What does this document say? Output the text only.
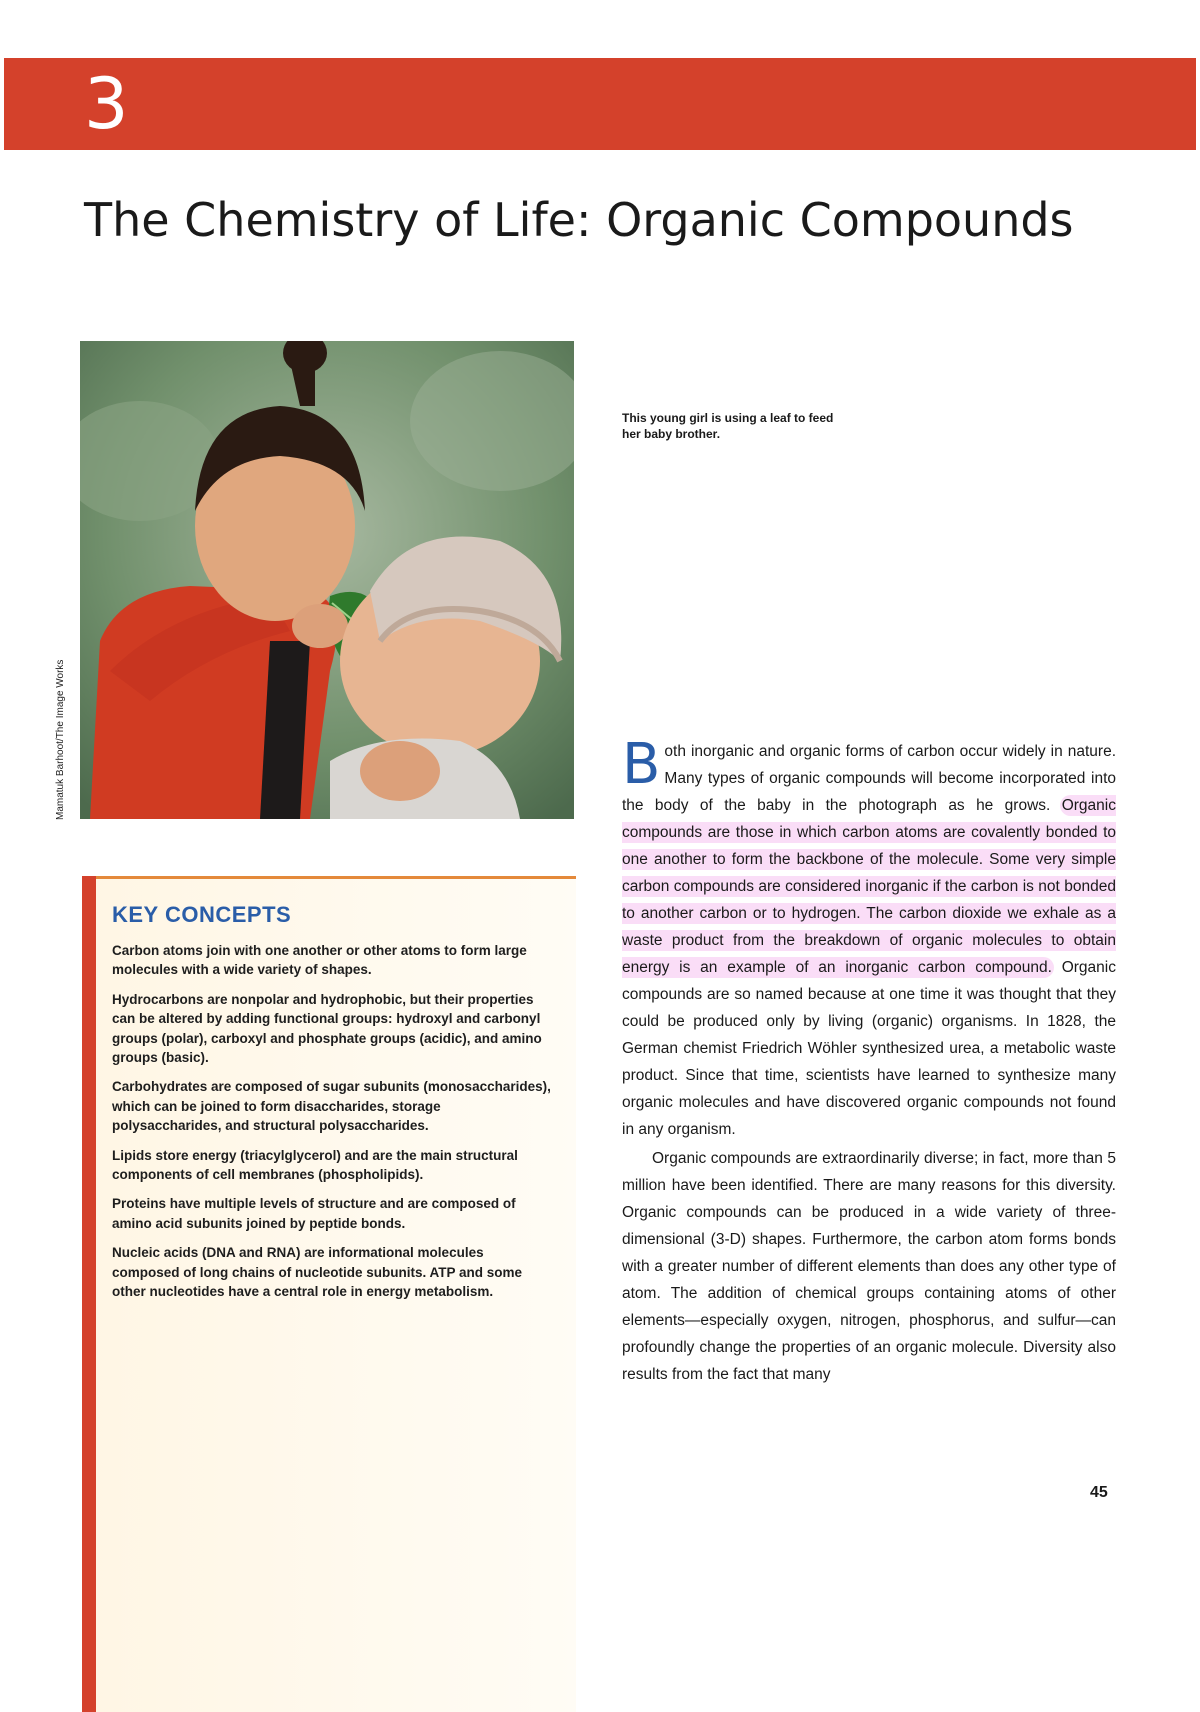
3
The Chemistry of Life: Organic Compounds
Mamatuk Barhoot/The Image Works

This young girl is using a leaf to feed her baby brother.

KEY CONCEPTS

Carbon atoms join with one another or other atoms to form large molecules with a wide variety of shapes.

Hydrocarbons are nonpolar and hydrophobic, but their properties can be altered by adding functional groups: hydroxyl and carbonyl groups (polar), carboxyl and phosphate groups (acidic), and amino groups (basic).

Carbohydrates are composed of sugar subunits (monosaccharides), which can be joined to form disaccharides, storage polysaccharides, and structural polysaccharides.

Lipids store energy (triacylglycerol) and are the main structural components of cell membranes (phospholipids).

Proteins have multiple levels of structure and are composed of amino acid subunits joined by peptide bonds.

Nucleic acids (DNA and RNA) are informational molecules composed of long chains of nucleotide subunits. ATP and some other nucleotides have a central role in energy metabolism.

Both inorganic and organic forms of carbon occur widely in nature. Many types of organic compounds will become incorporated into the body of the baby in the photograph as he grows. Organic compounds are those in which carbon atoms are covalently bonded to one another to form the backbone of the molecule. Some very simple carbon compounds are considered inorganic if the carbon is not bonded to another carbon or to hydrogen. The carbon dioxide we exhale as a waste product from the breakdown of organic molecules to obtain energy is an example of an inorganic carbon compound. Organic compounds are so named because at one time it was thought that they could be produced only by living (organic) organisms. In 1828, the German chemist Friedrich Wöhler synthesized urea, a metabolic waste product. Since that time, scientists have learned to synthesize many organic molecules and have discovered organic compounds not found in any organism.

Organic compounds are extraordinarily diverse; in fact, more than 5 million have been identified. There are many reasons for this diversity. Organic compounds can be produced in a wide variety of three-dimensional (3-D) shapes. Furthermore, the carbon atom forms bonds with a greater number of different elements than does any other type of atom. The addition of chemical groups containing atoms of other elements—especially oxygen, nitrogen, phosphorus, and sulfur—can profoundly change the properties of an organic molecule. Diversity also results from the fact that many

45
